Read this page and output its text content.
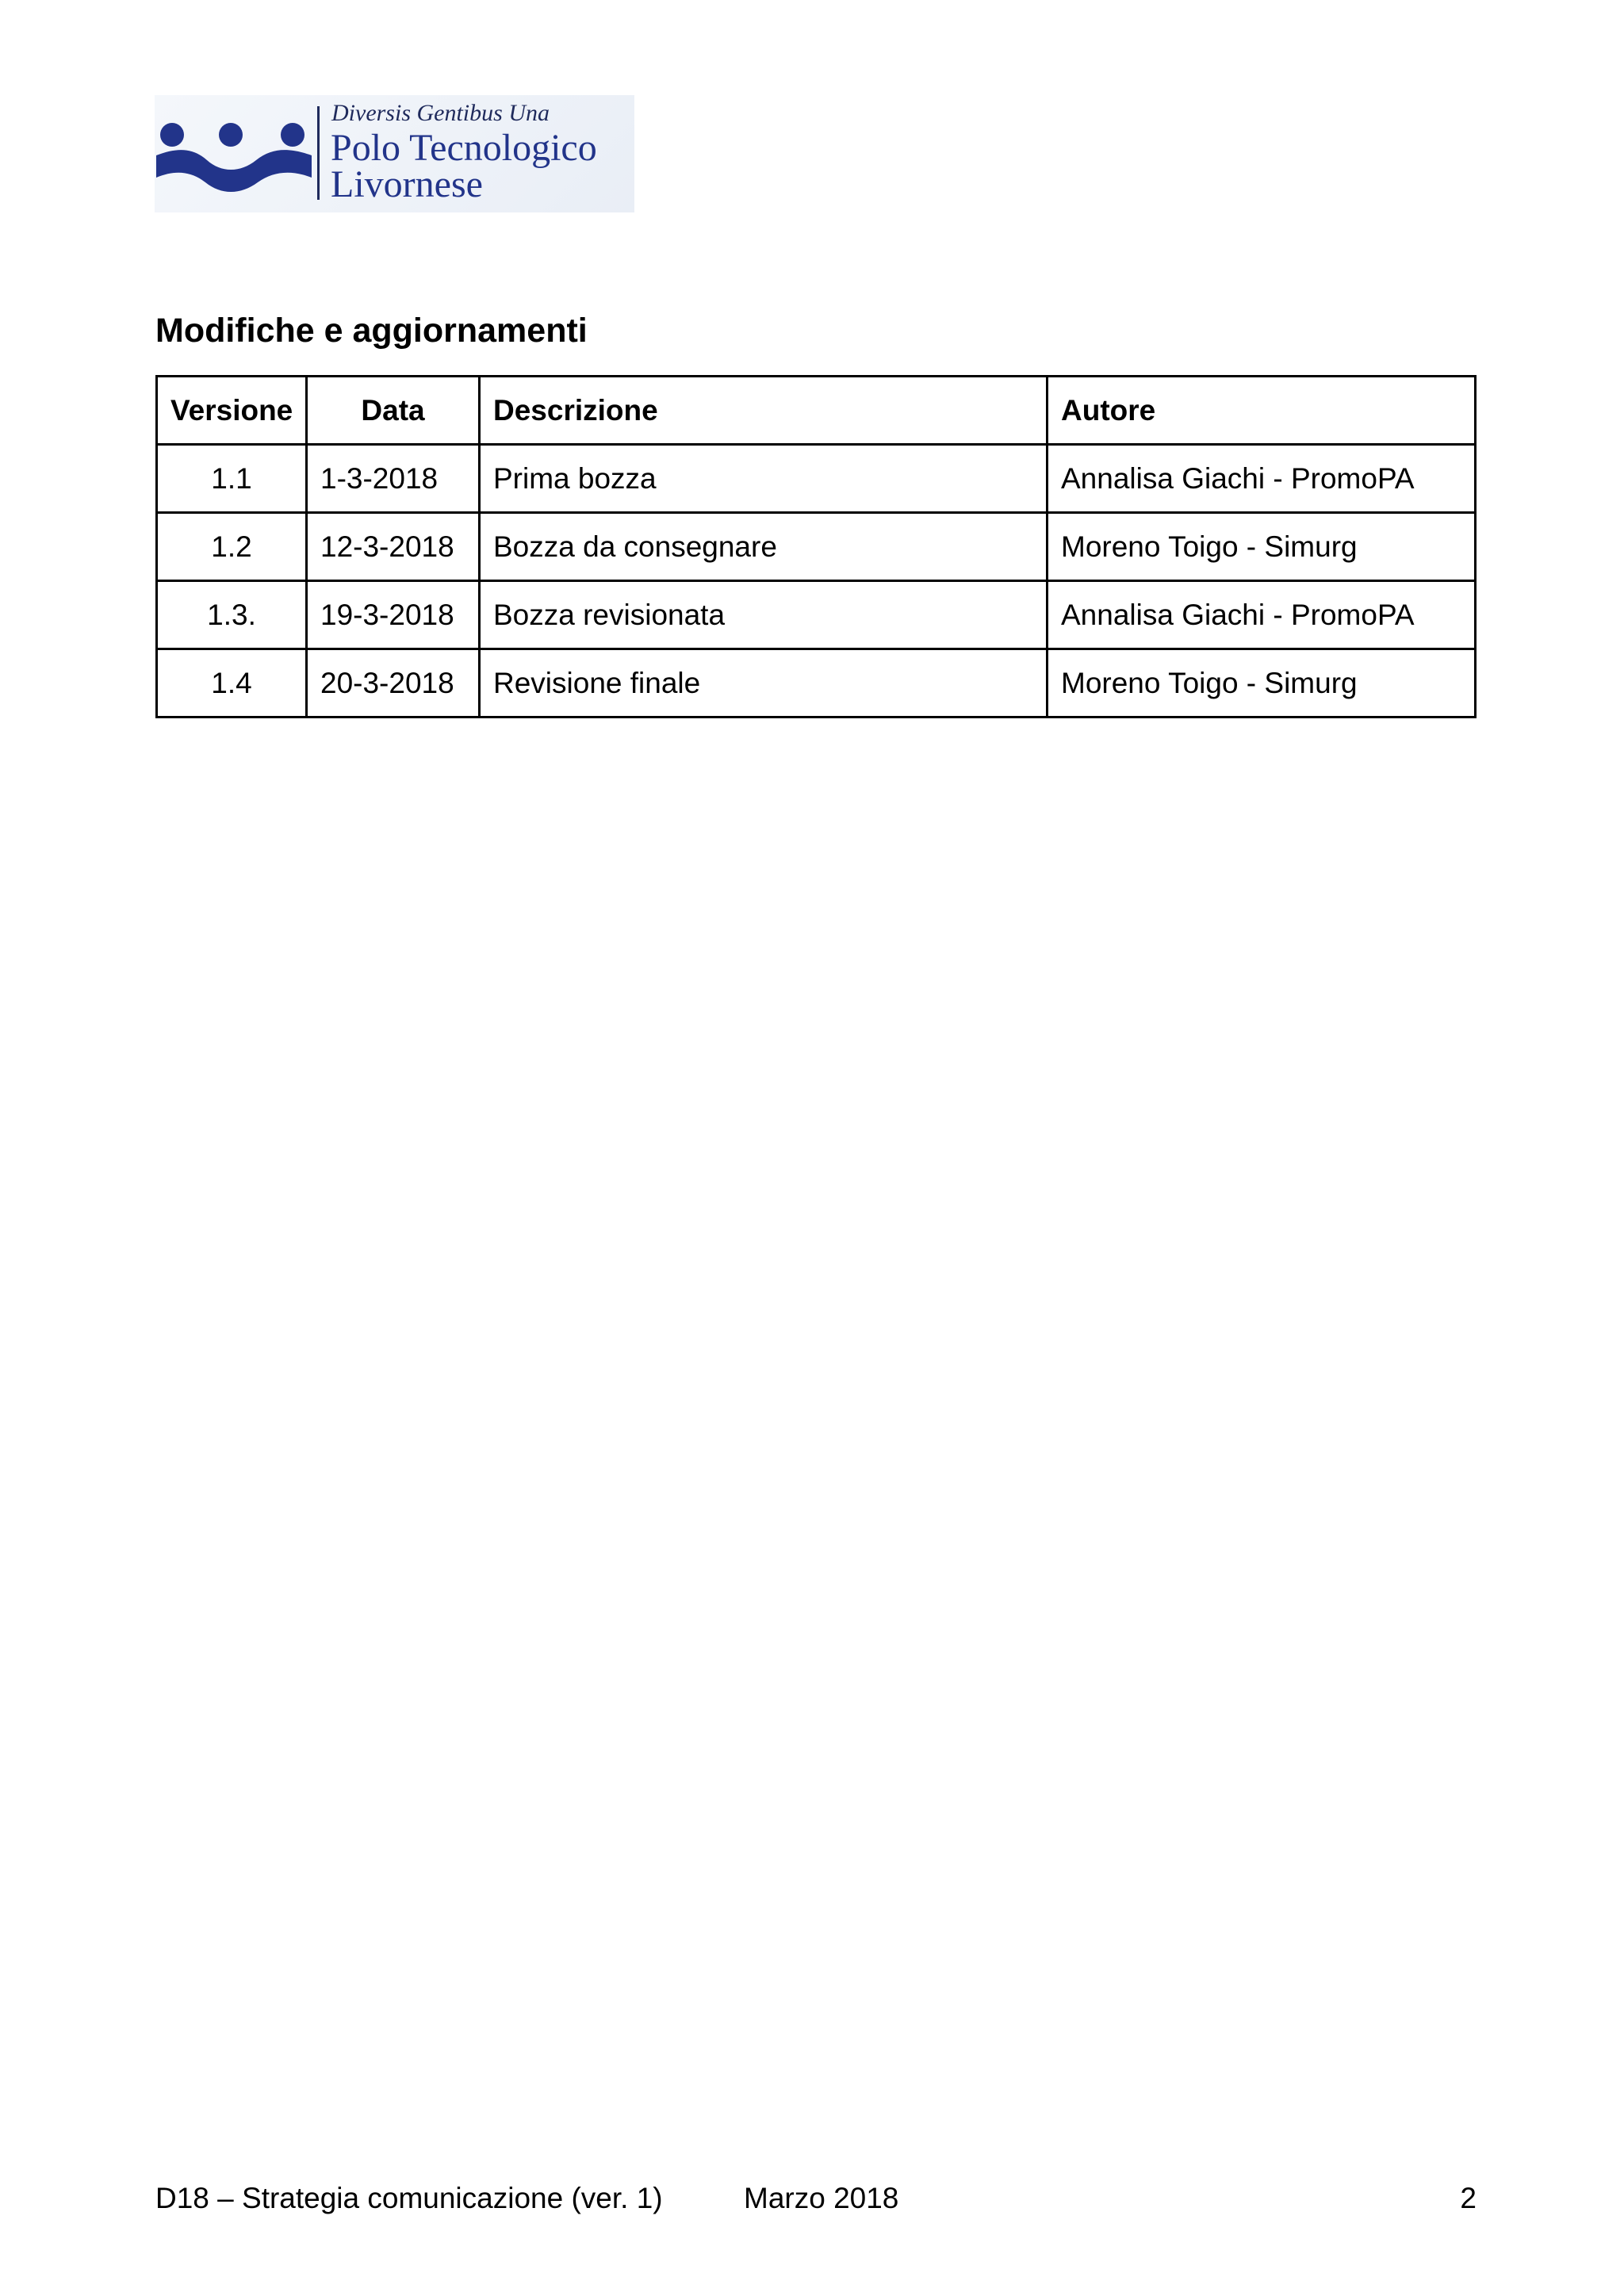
Diversis Gentibus Una
Polo Tecnologico
Livornese
Modifiche e aggiornamenti
Versione	Data	Descrizione	Autore
1.1	1-3-2018	Prima bozza	Annalisa Giachi - PromoPA
1.2	12-3-2018	Bozza da consegnare	Moreno Toigo - Simurg
1.3.	19-3-2018	Bozza revisionata	Annalisa Giachi - PromoPA
1.4	20-3-2018	Revisione finale	Moreno Toigo - Simurg
D18 – Strategia comunicazione (ver. 1)	Marzo 2018	2
